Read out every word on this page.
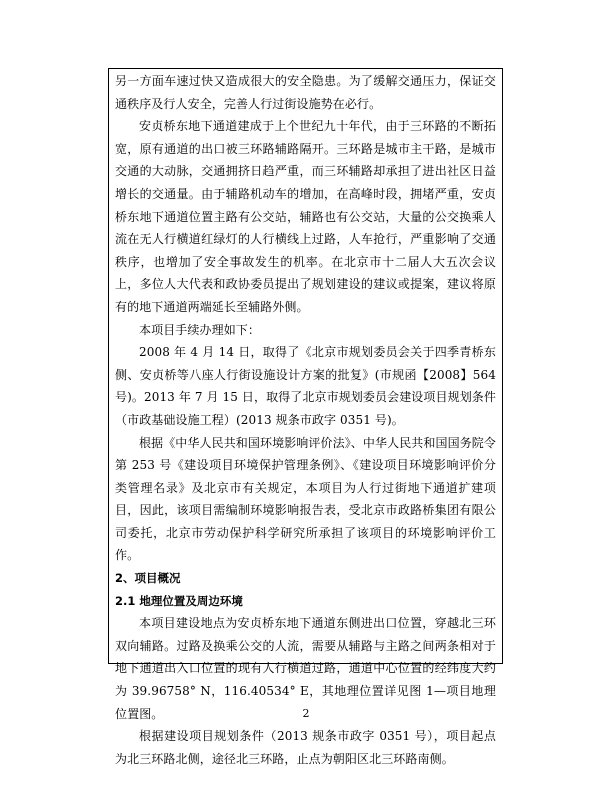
另一方面车速过快又造成很大的安全隐患。为了缓解交通压力，保证交通秩序及行人安全，完善人行过街设施势在必行。

安贞桥东地下通道建成于上个世纪九十年代，由于三环路的不断拓宽，原有通道的出口被三环路辅路隔开。三环路是城市主干路，是城市交通的大动脉，交通拥挤日趋严重，而三环辅路却承担了进出社区日益增长的交通量。由于辅路机动车的增加，在高峰时段，拥堵严重，安贞桥东地下通道位置主路有公交站，辅路也有公交站，大量的公交换乘人流在无人行横道红绿灯的人行横线上过路，人车抢行，严重影响了交通秩序，也增加了安全事故发生的机率。在北京市十二届人大五次会议上，多位人大代表和政协委员提出了规划建设的建议或提案，建议将原有的地下通道两端延长至辅路外侧。

本项目手续办理如下：

2008 年 4 月 14 日，取得了《北京市规划委员会关于四季青桥东侧、安贞桥等八座人行街设施设计方案的批复》(市规函【2008】564 号)。2013 年 7 月 15 日，取得了北京市规划委员会建设项目规划条件（市政基础设施工程）(2013 规条市政字 0351 号)。

根据《中华人民共和国环境影响评价法》、中华人民共和国国务院令第 253 号《建设项目环境保护管理条例》、《建设项目环境影响评价分类管理名录》及北京市有关规定，本项目为人行过街地下通道扩建项目，因此，该项目需编制环境影响报告表，受北京市政路桥集团有限公司委托，北京市劳动保护科学研究所承担了该项目的环境影响评价工作。

2、项目概况

2.1 地理位置及周边环境

本项目建设地点为安贞桥东地下通道东侧进出口位置，穿越北三环双向辅路。过路及换乘公交的人流，需要从辅路与主路之间两条相对于地下通道出入口位置的现有人行横道过路，通道中心位置的经纬度大约为 39.96758° N，116.40534° E，其地理位置详见图 1—项目地理位置图。

根据建设项目规划条件（2013 规条市政字 0351 号），项目起点为北三环路北侧，途径北三环路，止点为朝阳区北三环路南侧。

2
